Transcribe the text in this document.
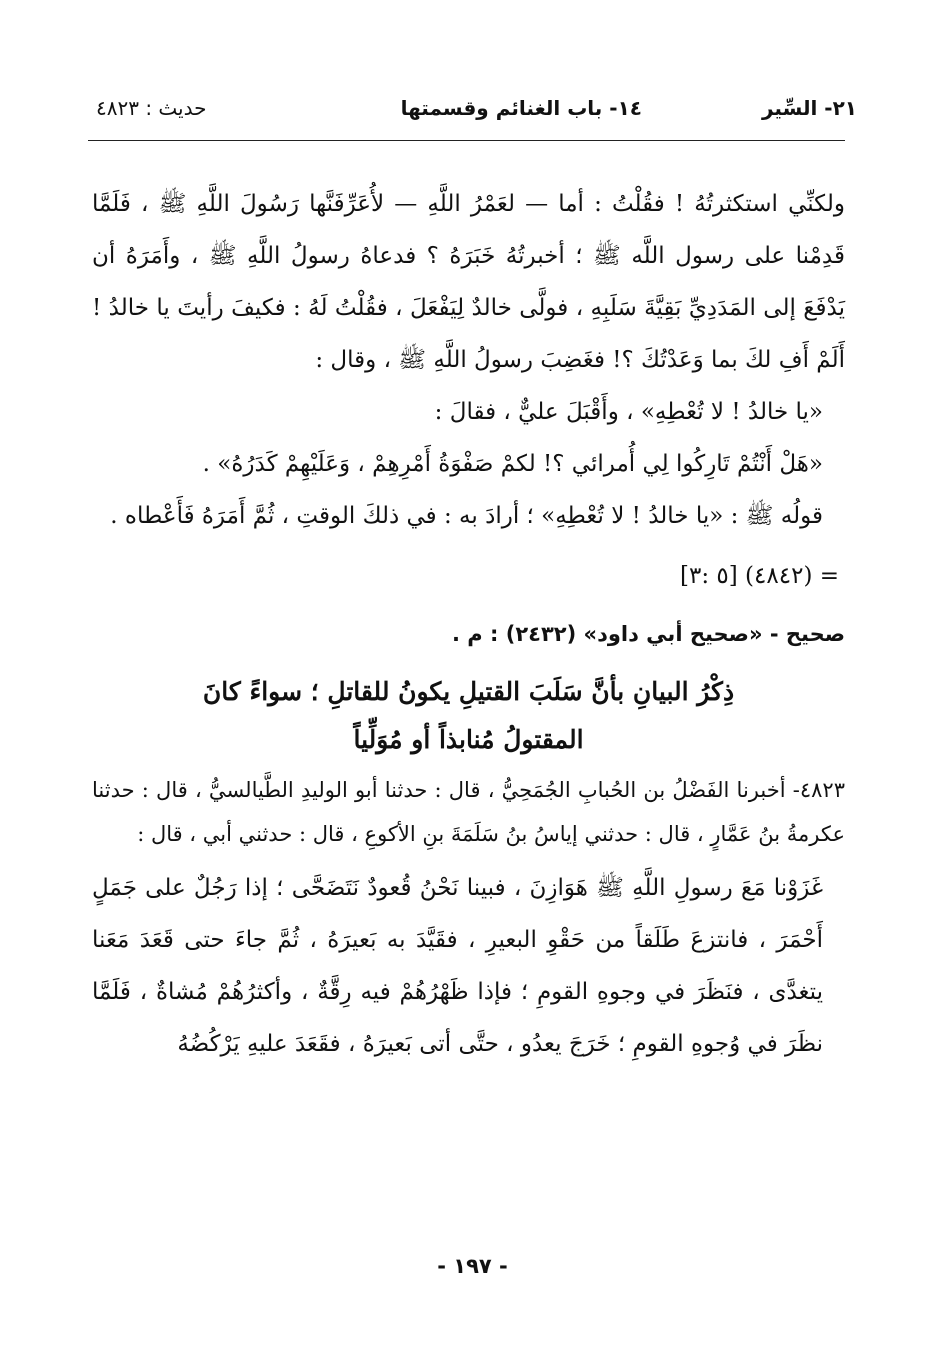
٢١- السِّير
١٤- باب الغنائم وقسمتها
حديث : ٤٨٢٣

ولكنِّي استكثرتُهُ ! فقُلْتُ : أما — لعَمْرُ اللَّهِ — لأُعَرِّفَنَّها رَسُولَ اللَّهِ ﷺ ، فَلَمَّا قَدِمْنا على رسول اللَّه ﷺ ؛ أخبرتُهُ خَبَرَهُ ؟ فدعاهُ رسولُ اللَّهِ ﷺ ، وأَمَرَهُ أن يَدْفَعَ إلى المَدَدِيِّ بَقِيَّةَ سَلَبِهِ ، فولَّى خالدٌ لِيَفْعَلَ ، فقُلْتُ لَهُ : فكيفَ رأيتَ يا خالدُ ! أَلَمْ أَفِ لكَ بما وَعَدْتُكَ ؟! فغَضِبَ رسولُ اللَّهِ ﷺ ، وقال :

«يا خالدُ ! لا تُعْطِهِ» ، وأَقْبَلَ عليٌّ ، فقالَ :

«هَلْ أَنْتُمْ تَارِكُوا لِي أُمرائي ؟! لكمْ صَفْوَةُ أَمْرِهِمْ ، وَعَلَيْهِمْ كَدَرُهُ» .

قولُه ﷺ : «يا خالدُ ! لا تُعْطِهِ» ؛ أرادَ به : في ذلكَ الوقتِ ، ثُمَّ أَمَرَهُ فَأَعْطاه .

= (٤٨٤٢) [٥ :٣]

صحيح - «صحيح أبي داود» (٢٤٣٢) : م .

ذِكْرُ البيانِ بأنَّ سَلَبَ القتيلِ يكونُ للقاتلِ ؛ سواءً كانَ
المقتولُ مُنابذاً أو مُوَلِّياً

٤٨٢٣- أخبرنا الفَضْلُ بن الحُبابِ الجُمَحِيُّ ، قال : حدثنا أبو الوليدِ الطَّيالسيُّ ، قال : حدثنا عكرمةُ بنُ عَمَّارٍ ، قال : حدثني إياسُ بنُ سَلَمَةَ بنِ الأكوعِ ، قال : حدثني أبي ، قال :

غَزَوْنا مَعَ رسولِ اللَّهِ ﷺ هَوَازِنَ ، فبينا نَحْنُ قُعودٌ نَتَضَحَّى ؛ إذا رَجُلٌ على جَمَلٍ أَحْمَرَ ، فانتزعَ طَلَقاً من حَقْوِ البعيرِ ، فقَيَّدَ به بَعيرَهُ ، ثُمَّ جاءَ حتى قَعَدَ مَعَنا يتغدَّى ، فنَظَرَ في وجوهِ القومِ ؛ فإذا ظَهْرُهُمْ فيه رِقَّةٌ ، وأكثرُهُمْ مُشاةٌ ، فَلَمَّا نظَرَ في وُجوهِ القومِ ؛ خَرَجَ يعدُو ، حتَّى أتى بَعيرَهُ ، فقَعَدَ عليهِ يَرْكُضُهُ

- ١٩٧ -
